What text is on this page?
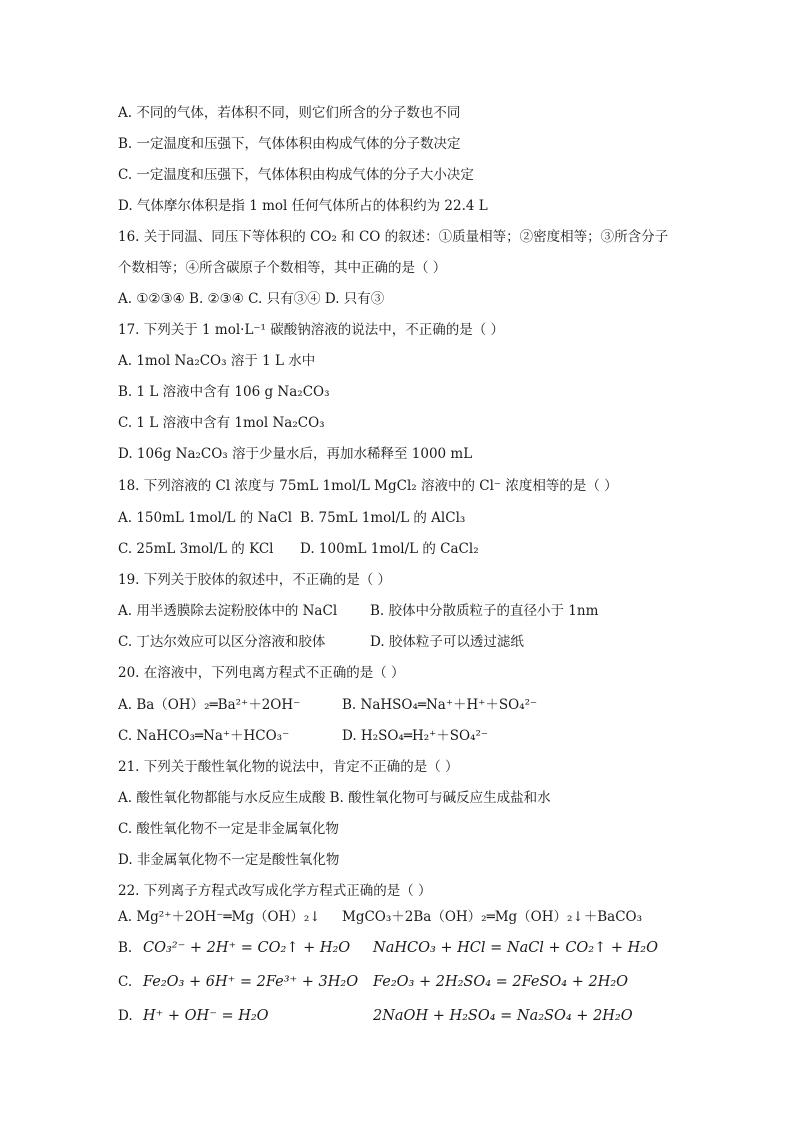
A. 不同的气体，若体积不同，则它们所含的分子数也不同
B. 一定温度和压强下，气体体积由构成气体的分子数决定
C. 一定温度和压强下，气体体积由构成气体的分子大小决定
D. 气体摩尔体积是指 1 mol 任何气体所占的体积约为 22.4 L
16. 关于同温、同压下等体积的 CO₂ 和 CO 的叙述：①质量相等；②密度相等；③所含分子
个数相等；④所含碳原子个数相等，其中正确的是（ ）
A. ①②③④ B. ②③④ C. 只有③④ D. 只有③
17. 下列关于 1 mol·L⁻¹ 碳酸钠溶液的说法中，不正确的是（ ）
A. 1mol Na₂CO₃ 溶于 1 L 水中
B. 1 L 溶液中含有 106 g Na₂CO₃
C. 1 L 溶液中含有 1mol Na₂CO₃
D. 106g Na₂CO₃ 溶于少量水后，再加水稀释至 1000 mL
18. 下列溶液的 Cl 浓度与 75mL 1mol/L MgCl₂ 溶液中的 Cl⁻ 浓度相等的是（ ）
A. 150mL 1mol/L 的 NaCl B. 75mL 1mol/L 的 AlCl₃
C. 25mL 3mol/L 的 KCl D. 100mL 1mol/L 的 CaCl₂
19. 下列关于胶体的叙述中，不正确的是（ ）
A. 用半透膜除去淀粉胶体中的 NaCl B. 胶体中分散质粒子的直径小于 1nm
C. 丁达尔效应可以区分溶液和胶体	D. 胶体粒子可以透过滤纸
20. 在溶液中，下列电离方程式不正确的是（ ）
A. Ba（OH）₂═Ba²⁺＋2OH⁻	B. NaHSO₄═Na⁺＋H⁺＋SO₄²⁻
C. NaHCO₃═Na⁺＋HCO₃⁻	D. H₂SO₄═H₂⁺＋SO₄²⁻
21. 下列关于酸性氧化物的说法中，肯定不正确的是（ ）
A. 酸性氧化物都能与水反应生成酸 B. 酸性氧化物可与碱反应生成盐和水
C. 酸性氧化物不一定是非金属氧化物
D. 非金属氧化物不一定是酸性氧化物
22. 下列离子方程式改写成化学方程式正确的是（ ）
A. Mg²⁺＋2OH⁻═Mg（OH）₂↓ MgCO₃＋2Ba（OH）₂═Mg（OH）₂↓＋BaCO₃
B. CO₃²⁻ + 2H⁺ = CO₂↑ + H₂O NaHCO₃ + HCl = NaCl + CO₂↑ + H₂O
C. Fe₂O₃ + 6H⁺ = 2Fe³⁺ + 3H₂O Fe₂O₃ + 2H₂SO₄ = 2FeSO₄ + 2H₂O
D. H⁺ + OH⁻ = H₂O	2NaOH + H₂SO₄ = Na₂SO₄ + 2H₂O
